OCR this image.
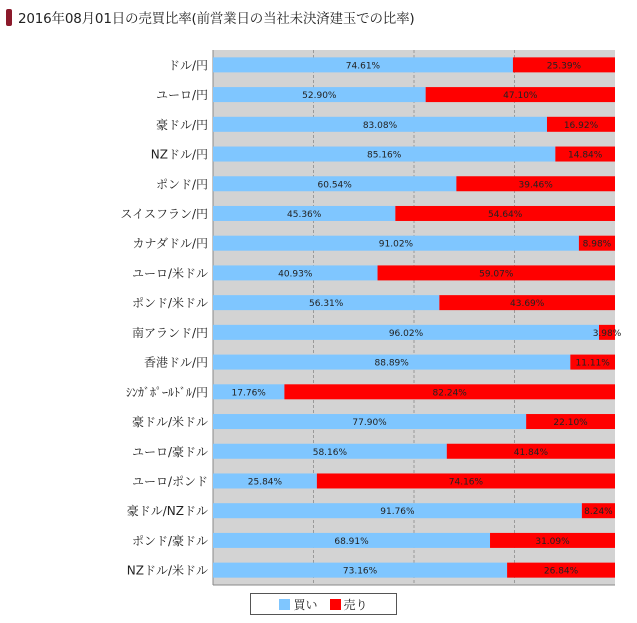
2016年08月01日の売買比率(前営業日の当社未決済建玉での比率)
ドル/円	74.61%	25.39%
ユーロ/円	52.90%	47.10%
豪ドル/円	83.08%	16.92%
NZドル/円	85.16%	14.84%
ポンド/円	60.54%	39.46%
スイスフラン/円	45.36%	54.64%
カナダドル/円	91.02%	8.98%
ユーロ/米ドル	40.93%	59.07%
ポンド/米ドル	56.31%	43.69%
南アランド/円	96.02%	3.98%
香港ドル/円	88.89%	11.11%
ｼﾝｶﾞﾎﾟｰﾙﾄﾞﾙ/円	17.76%	82.24%
豪ドル/米ドル	77.90%	22.10%
ユーロ/豪ドル	58.16%	41.84%
ユーロ/ポンド	25.84%	74.16%
豪ドル/NZドル	91.76%	8.24%
ポンド/豪ドル	68.91%	31.09%
NZドル/米ドル	73.16%	26.84%
買い 売り
